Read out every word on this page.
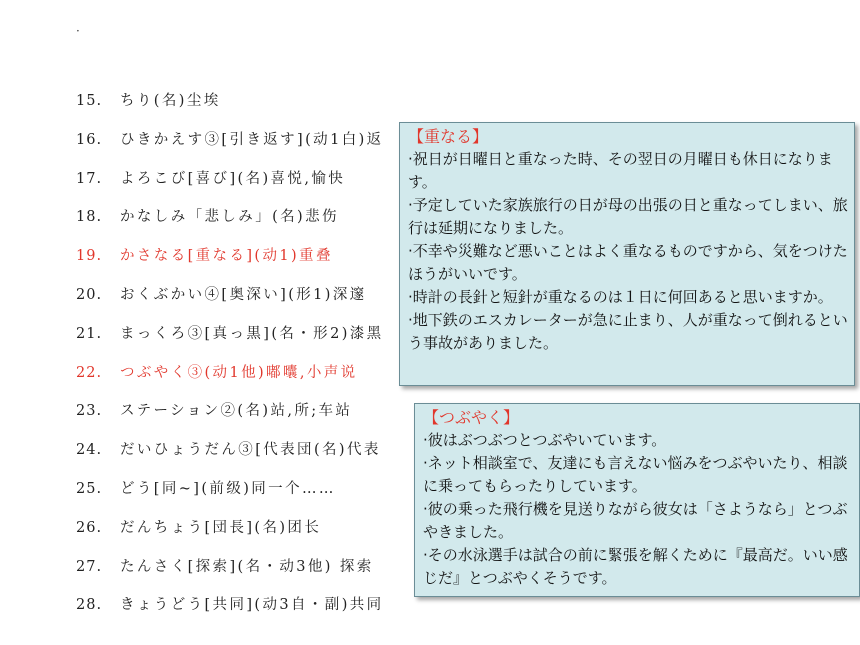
·
15. ちり(名)尘埃
16. ひきかえす③[引き返す](动1白)返
17. よろこび[喜び](名)喜悦,愉快
18. かなしみ「悲しみ」(名)悲伤
19. かさなる[重なる](动1)重叠
20. おくぶかい④[奥深い](形1)深邃
21. まっくろ③[真っ黒](名・形2)漆黑
22. つぶやく③(动1他)嘟囔,小声说
23. ステーション②(名)站,所;车站
24. だいひょうだん③[代表団(名)代表
25. どう[同~](前级)同一个……
26. だんちょう[団長](名)团长
27. たんさく[探索](名・动3他) 探索
28. きょうどう[共同](动3自・副)共同
【重なる】

·祝日が日曜日と重なった時、その翌日の月曜日も休日になります。

·予定していた家族旅行の日が母の出張の日と重なってしまい、旅行は延期になりました。

·不幸や災難など悪いことはよく重なるものですから、気をつけたほうがいいです。

·時計の長針と短針が重なるのは１日に何回あると思いますか。

·地下鉄のエスカレーターが急に止まり、人が重なって倒れるという事故がありました。

【つぶやく】

·彼はぶつぶつとつぶやいています。

·ネット相談室で、友達にも言えない悩みをつぶやいたり、相談に乗ってもらったりしています。

·彼の乗った飛行機を見送りながら彼女は「さようなら」とつぶやきました。

·その水泳選手は試合の前に緊張を解くために『最高だ。いい感じだ』とつぶやくそうです。
